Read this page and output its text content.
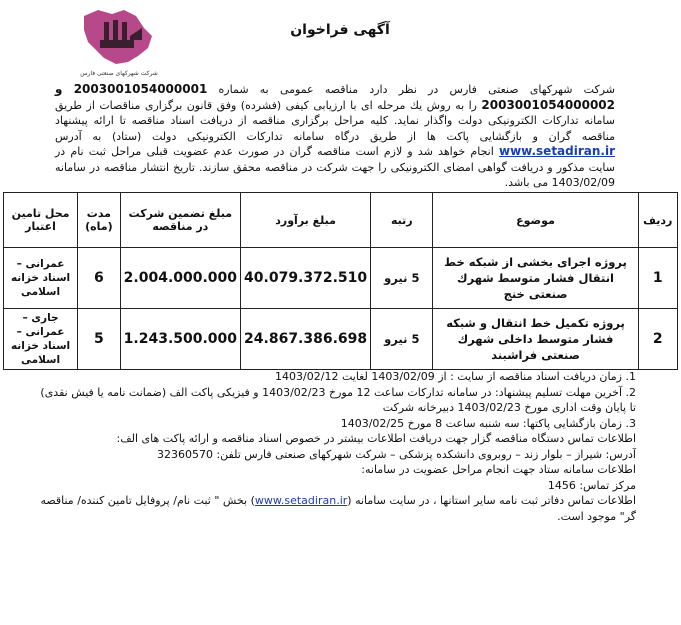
آگهی فراخوان
شرکت شهرکهای صنعتی فارس
شرکت شهرکهای صنعتی فارس در نظر دارد مناقصه عمومی به شماره 2003001054000001 و 2003001054000002 را به روش یك مرحله ای با ارزیابی کیفی (فشرده) وفق قانون برگزاری مناقصات از طریق سامانه تدارکات الکترونیکی دولت واگذار نماید. کلیه مراحل برگزاری مناقصه از دریافت اسناد مناقصه تا ارائه پیشنهاد مناقصه گران و بازگشایی پاکت ها از طریق درگاه سامانه تدارکات الکترونیکی دولت (ستاد) به آدرس www.setadiran.ir انجام خواهد شد و لازم است مناقصه گران در صورت عدم عضویت قبلی مراحل ثبت نام در سایت مذکور و دریافت گواهی امضای الکترونیکی را جهت شرکت در مناقصه محقق سازند. تاریخ انتشار مناقصه در سامانه 1403/02/09 می باشد.
ردیف	موضوع	رتبه	مبلغ برآورد	مبلغ تضمین شرکت در مناقصه	مدت (ماه)	محل تامین اعتبار
1	پروژه اجرای بخشی از شبکه خط انتقال فشار متوسط شهرك صنعتی خنج	5 نیرو	40.079.372.510	2.004.000.000	6	عمرانی – اسناد خزانه اسلامی
2	پروژه تکمیل خط انتقال و شبکه فشار متوسط داخلی شهرك صنعتی فراشبند	5 نیرو	24.867.386.698	1.243.500.000	5	جاری – عمرانی – اسناد خزانه اسلامی

1. زمان دریافت اسناد مناقصه از سایت : از 1403/02/09 لغایت 1403/02/12

2. آخرین مهلت تسلیم پیشنهاد: در سامانه تدارکات ساعت 12 مورخ 1403/02/23 و فیزیکی پاکت الف (ضمانت نامه یا فیش نقدی) تا پایان وقت اداری مورخ 1403/02/23 دبیرخانه شرکت

3. زمان بازگشایی پاکتها: سه شنبه ساعت 8 مورخ 1403/02/25

اطلاعات تماس دستگاه مناقصه گزار جهت دریافت اطلاعات بیشتر در خصوص اسناد مناقصه و ارائه پاکت های الف:

آدرس: شیراز – بلوار زند – روبروی دانشکده پزشکی – شرکت شهرکهای صنعتی فارس تلفن: 32360570

اطلاعات سامانه ستاد جهت انجام مراحل عضویت در سامانه:

مرکز تماس: 1456

اطلاعات تماس دفاتر ثبت نامه سایر استانها ، در سایت سامانه (www.setadiran.ir) بخش " ثبت نام/ پروفایل تامین کننده/ مناقصه گر" موجود است.
